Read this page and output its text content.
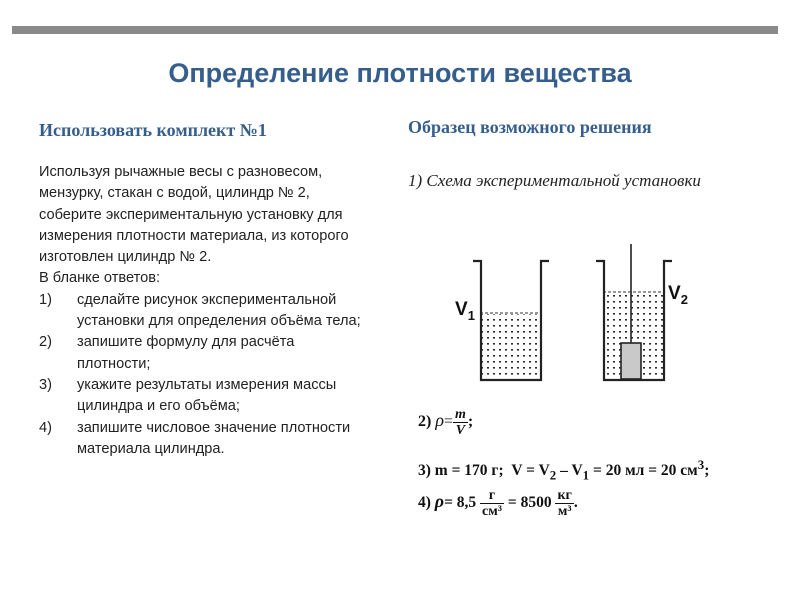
Определение плотности вещества
Использовать комплект №1	Образец возможного решения

Используя рычажные весы с разновесом, мензурку, стакан с водой, цилиндр № 2, соберите экспериментальную установку для измерения плотности материала, из которого изготовлен цилиндр № 2.

В бланке ответов:

1)	сделайте рисунок экспериментальной установки для определения объёма тела;
2)	запишите формулу для расчёта плотности;
3)	укажите результаты измерения массы цилиндра и его объёма;
4)	запишите числовое значение плотности материала цилиндра.
1) Схема экспериментальной установки
$V_1$
$V_2$
2) $\rho= \frac{m}{V}$ ;
3) m = 170 г; $V = V_2 - V_1 = 20$ мл = 20 $см^3$;
4) $\rho= 8,5 \frac{г}{\text{см³}} = 8500 \frac{кг}{\text{м³}}$ .
